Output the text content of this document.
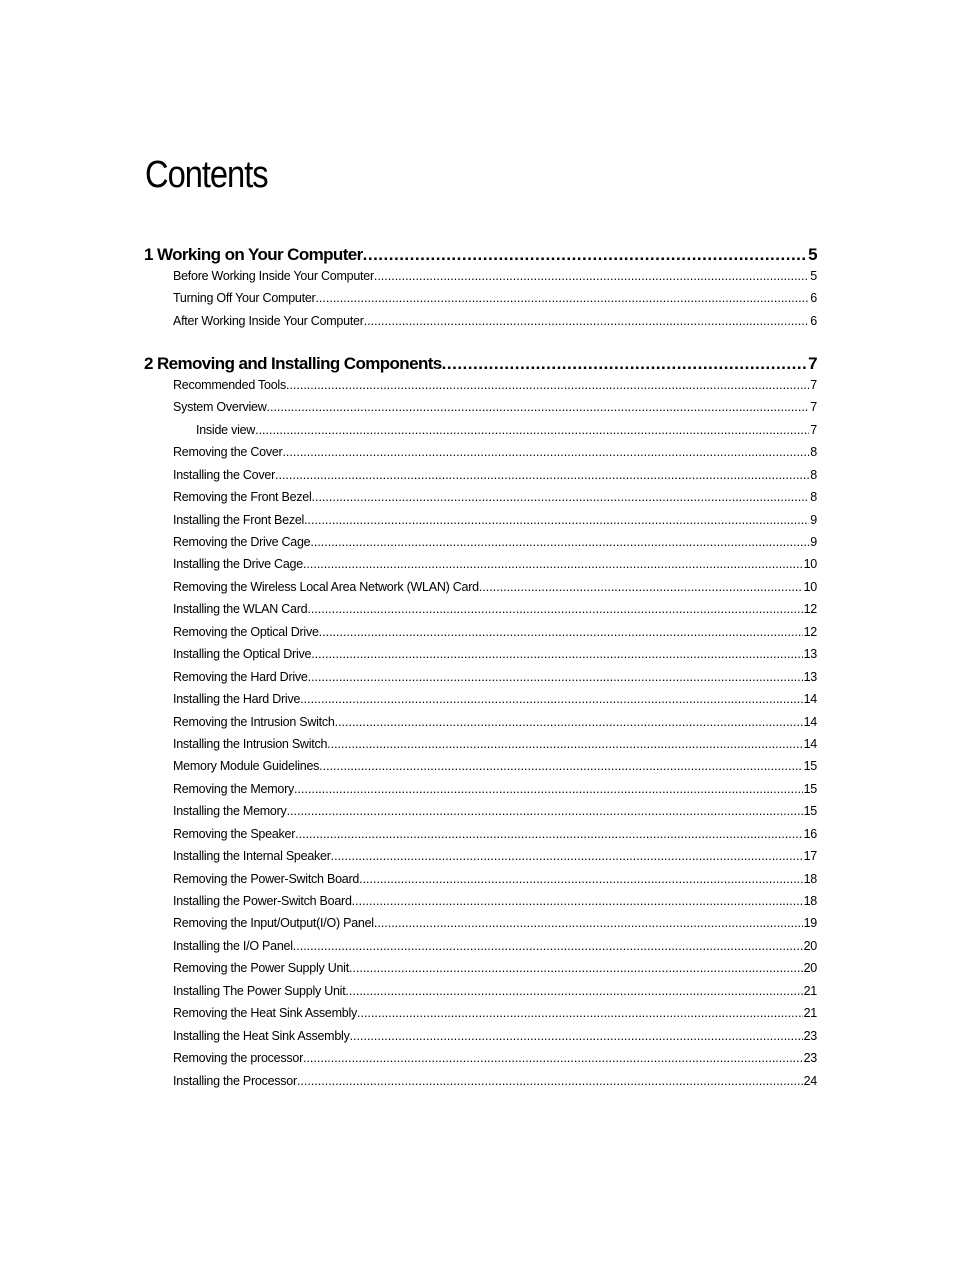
Contents
1 Working on Your Computer .....	5
Before Working Inside Your Computer .....	5
Turning Off Your Computer .....	6
After Working Inside Your Computer .....	6
2 Removing and Installing Components .....	7
Recommended Tools .....	7
System Overview .....	7
Inside view .....	7
Removing the Cover .....	8
Installing the Cover .....	8
Removing the Front Bezel .....	8
Installing the Front Bezel .....	9
Removing the Drive Cage .....	9
Installing the Drive Cage .....	10
Removing the Wireless Local Area Network (WLAN) Card .....	10
Installing the WLAN Card .....	12
Removing the Optical Drive .....	12
Installing the Optical Drive .....	13
Removing the Hard Drive .....	13
Installing the Hard Drive .....	14
Removing the Intrusion Switch .....	14
Installing the Intrusion Switch .....	14
Memory Module Guidelines .....	15
Removing the Memory .....	15
Installing the Memory .....	15
Removing the Speaker .....	16
Installing the Internal Speaker .....	17
Removing the Power-Switch Board .....	18
Installing the Power-Switch Board .....	18
Removing the Input/Output(I/O) Panel .....	19
Installing the I/O Panel .....	20
Removing the Power Supply Unit .....	20
Installing The Power Supply Unit .....	21
Removing the Heat Sink Assembly .....	21
Installing the Heat Sink Assembly .....	23
Removing the processor .....	23
Installing the Processor .....	24
